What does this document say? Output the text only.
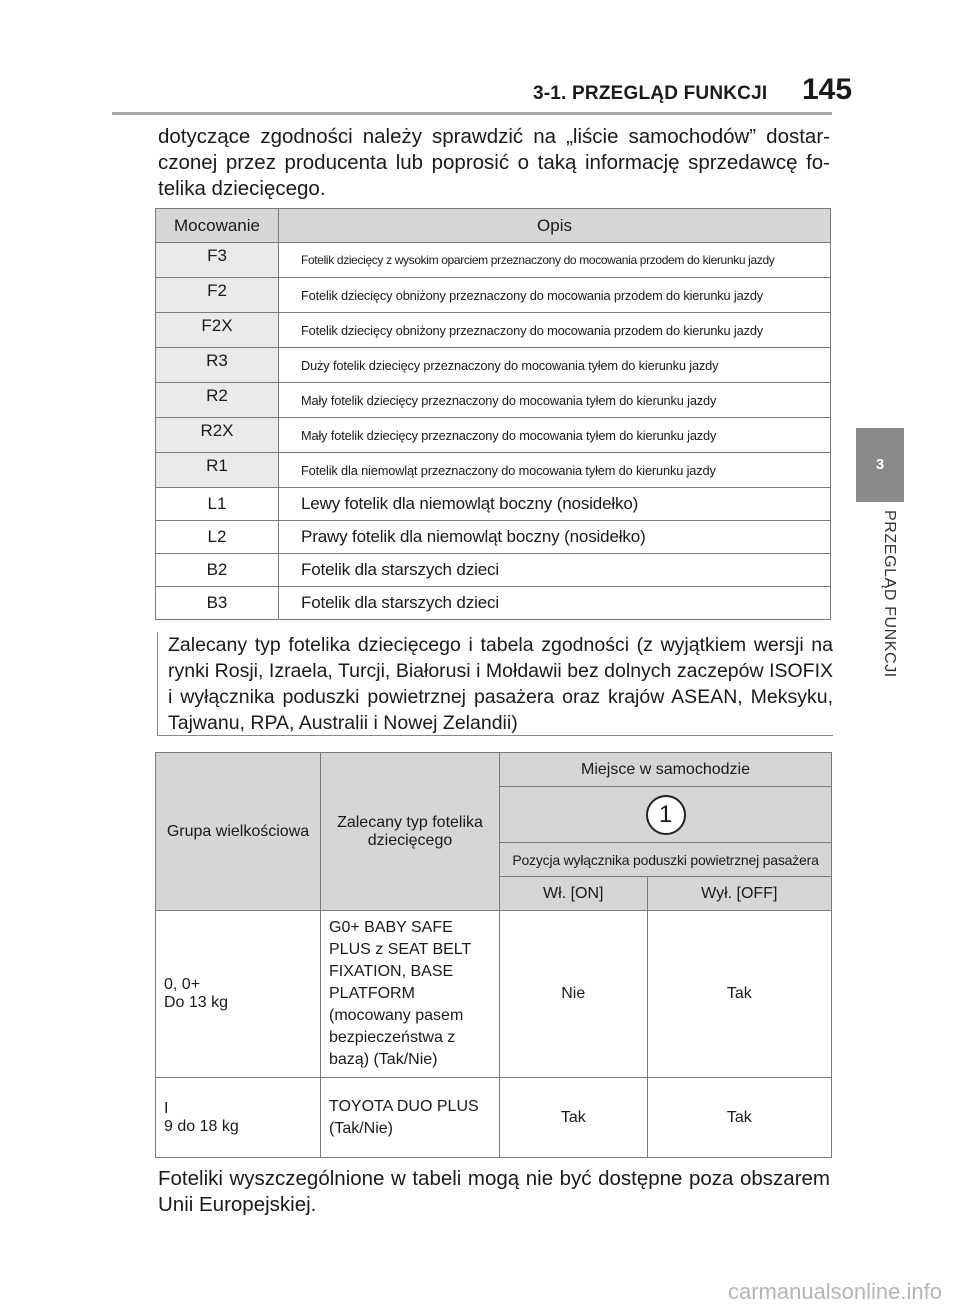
3-1. PRZEGLĄD FUNKCJI 145
3
PRZEGLĄD FUNKCJI

dotyczące zgodności należy sprawdzić na „liście samochodów” dostarczonej przez producenta lub poprosić o taką informację sprzedawcę fotelika dziecięcego.

Mocowanie	Opis
F3	Fotelik dziecięcy z wysokim oparciem przeznaczony do mocowania przodem do kierunku jazdy
F2	Fotelik dziecięcy obniżony przeznaczony do mocowania przodem do kierunku jazdy
F2X	Fotelik dziecięcy obniżony przeznaczony do mocowania przodem do kierunku jazdy
R3	Duży fotelik dziecięcy przeznaczony do mocowania tyłem do kierunku jazdy
R2	Mały fotelik dziecięcy przeznaczony do mocowania tyłem do kierunku jazdy
R2X	Mały fotelik dziecięcy przeznaczony do mocowania tyłem do kierunku jazdy
R1	Fotelik dla niemowląt przeznaczony do mocowania tyłem do kierunku jazdy
L1	Lewy fotelik dla niemowląt boczny (nosidełko)
L2	Prawy fotelik dla niemowląt boczny (nosidełko)
B2	Fotelik dla starszych dzieci
B3	Fotelik dla starszych dzieci
Zalecany typ fotelika dziecięcego i tabela zgodności (z wyjątkiem wersji na rynki Rosji, Izraela, Turcji, Białorusi i Mołdawii bez dolnych zaczepów ISOFIX i wyłącznika poduszki powietrznej pasażera oraz krajów ASEAN, Meksyku, Tajwanu, RPA, Australii i Nowej Zelandii)
Grupa wielkościowa	Zalecany typ fotelika dziecięcego	Miejsce w samochodzie	
		1	
		Pozycja wyłącznika poduszki powietrznej pasażera	
		Wł. [ON]	Wył. [OFF]

0, 0+
Do 13 kg	G0+ BABY SAFE PLUS z SEAT BELT FIXATION, BASE PLATFORM (mocowany pasem bezpieczeństwa z bazą) (Tak/Nie)	Nie	Tak

I
9 do 18 kg	TOYOTA DUO PLUS (Tak/Nie)	Tak	Tak

Foteliki wyszczególnione w tabeli mogą nie być dostępne poza obszarem Unii Europejskiej.

carmanualsonline.info
